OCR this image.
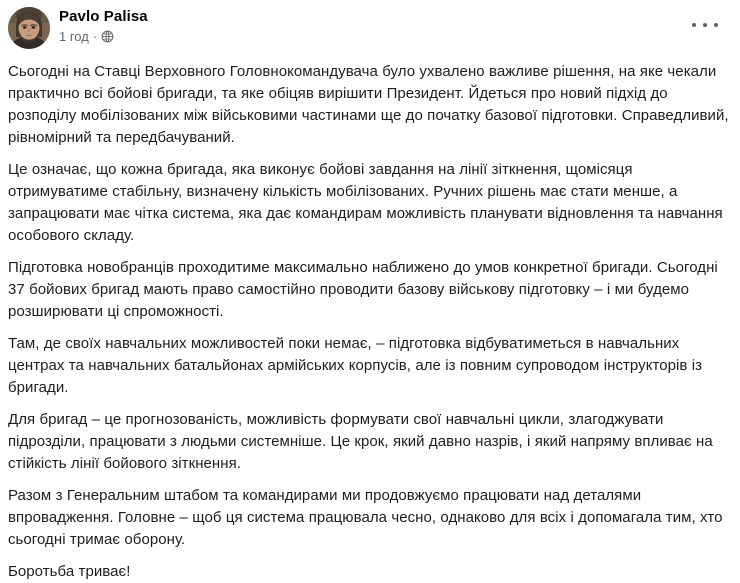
Pavlo Palisa
1 год ·

Сьогодні на Ставці Верховного Головнокомандувача було ухвалено важливе рішення, на яке чекали практично всі бойові бригади, та яке обіцяв вирішити Президент. Йдеться про новий підхід до розподілу мобілізованих між військовими частинами ще до початку базової підготовки. Справедливий, рівномірний та передбачуваний.

Це означає, що кожна бригада, яка виконує бойові завдання на лінії зіткнення, щомісяця отримуватиме стабільну, визначену кількість мобілізованих. Ручних рішень має стати менше, а запрацювати має чітка система, яка дає командирам можливість планувати відновлення та навчання особового складу.

Підготовка новобранців проходитиме максимально наближено до умов конкретної бригади. Сьогодні 37 бойових бригад мають право самостійно проводити базову військову підготовку – і ми будемо розширювати ці спроможності.

Там, де своїх навчальних можливостей поки немає, – підготовка відбуватиметься в навчальних центрах та навчальних батальйонах армійських корпусів, але із повним супроводом інструкторів із бригади.

Для бригад – це прогнозованість, можливість формувати свої навчальні цикли, злагоджувати підрозділи, працювати з людьми системніше. Це крок, який давно назрів, і який напряму впливає на стійкість лінії бойового зіткнення.

Разом з Генеральним штабом та командирами ми продовжуємо працювати над деталями впровадження. Головне – щоб ця система працювала чесно, однаково для всіх і допомагала тим, хто сьогодні тримає оборону.

Боротьба триває!
